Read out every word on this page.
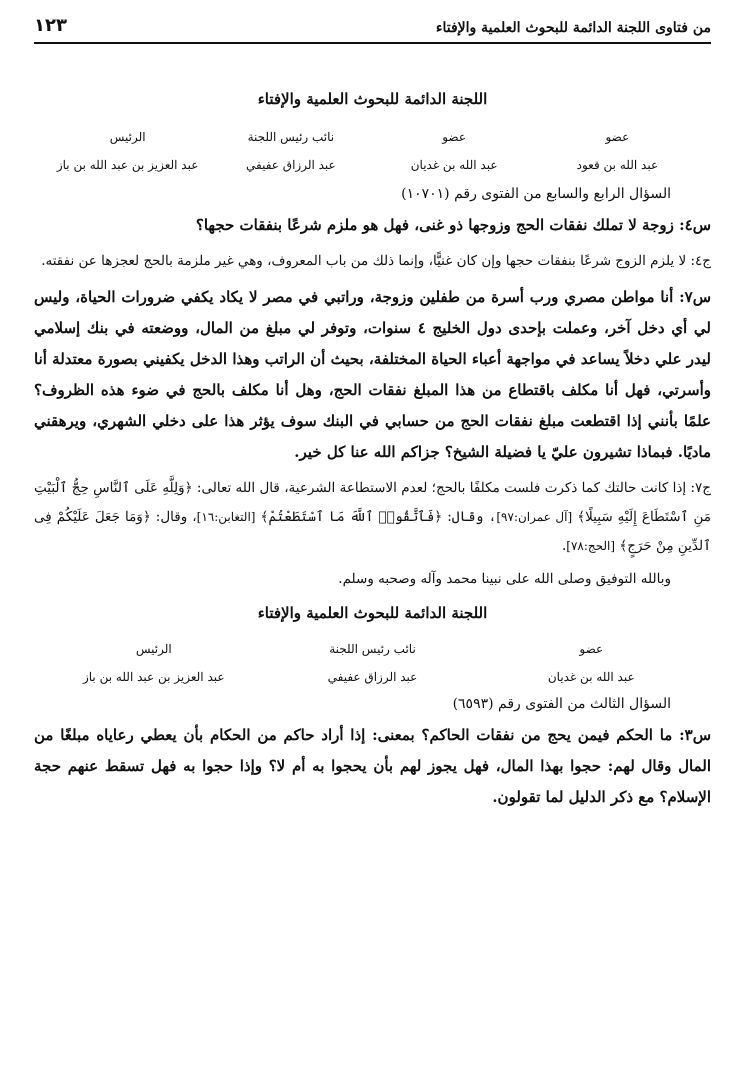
من فتاوى اللجنة الدائمة للبحوث العلمية والإفتاء
١٢٣
اللجنة الدائمة للبحوث العلمية والإفتاء
عضو
عضو
نائب رئيس اللجنة
الرئيس
عبد الله بن قعود
عبد الله بن غديان
عبد الرزاق عفيفي
عبد العزيز بن عبد الله بن باز
السؤال الرابع والسابع من الفتوى رقم (١٠٧٠١)

س٤: زوجة لا تملك نفقات الحج وزوجها ذو غنى، فهل هو ملزم شرعًا بنفقات حجها؟

ج٤: لا يلزم الزوج شرعًا بنفقات حجها وإن كان غنيًّا، وإنما ذلك من باب المعروف، وهي غير ملزمة بالحج لعجزها عن نفقته.

س٧: أنا مواطن مصري ورب أسرة من طفلين وزوجة، وراتبي في مصر لا يكاد يكفي ضرورات الحياة، وليس لي أي دخل آخر، وعملت بإحدى دول الخليج ٤ سنوات، وتوفر لي مبلغ من المال، ووضعته في بنك إسلامي ليدر علي دخلاً يساعد في مواجهة أعباء الحياة المختلفة، بحيث أن الراتب وهذا الدخل يكفيني بصورة معتدلة أنا وأسرتي، فهل أنا مكلف باقتطاع من هذا المبلغ نفقات الحج، وهل أنا مكلف بالحج في ضوء هذه الظروف؟ علمًا بأنني إذا اقتطعت مبلغ نفقات الحج من حسابي في البنك سوف يؤثر هذا على دخلي الشهري، ويرهقني ماديًا. فبماذا تشيرون عليّ يا فضيلة الشيخ؟ جزاكم الله عنا كل خير.

ج٧: إذا كانت حالتك كما ذكرت فلست مكلفًا بالحج؛ لعدم الاستطاعة الشرعية، قال الله تعالى: ﴿وَلِلَّهِ عَلَى ٱلنَّاسِ حِجُّ ٱلْبَيْتِ مَنِ ٱسْتَطَاعَ إِلَيْهِ سَبِيلًا﴾ [آل عمران:٩٧]، وقال: ﴿فَٱتَّقُوا۟ ٱللَّهَ مَا ٱسْتَطَعْتُمْ﴾ [التغابن:١٦]، وقال: ﴿وَمَا جَعَلَ عَلَيْكُمْ فِى ٱلدِّينِ مِنْ حَرَجٍ﴾ [الحج:٧٨].

وبالله التوفيق وصلى الله على نبينا محمد وآله وصحبه وسلم.

اللجنة الدائمة للبحوث العلمية والإفتاء
عضو
نائب رئيس اللجنة
الرئيس
عبد الله بن غديان
عبد الرزاق عفيفي
عبد العزيز بن عبد الله بن باز
السؤال الثالث من الفتوى رقم (٦٥٩٣)

س٣: ما الحكم فيمن يحج من نفقات الحاكم؟ بمعنى: إذا أراد حاكم من الحكام بأن يعطي رعاياه مبلغًا من المال وقال لهم: حجوا بهذا المال، فهل يجوز لهم بأن يحجوا به أم لا؟ وإذا حجوا به فهل تسقط عنهم حجة الإسلام؟ مع ذكر الدليل لما تقولون.
